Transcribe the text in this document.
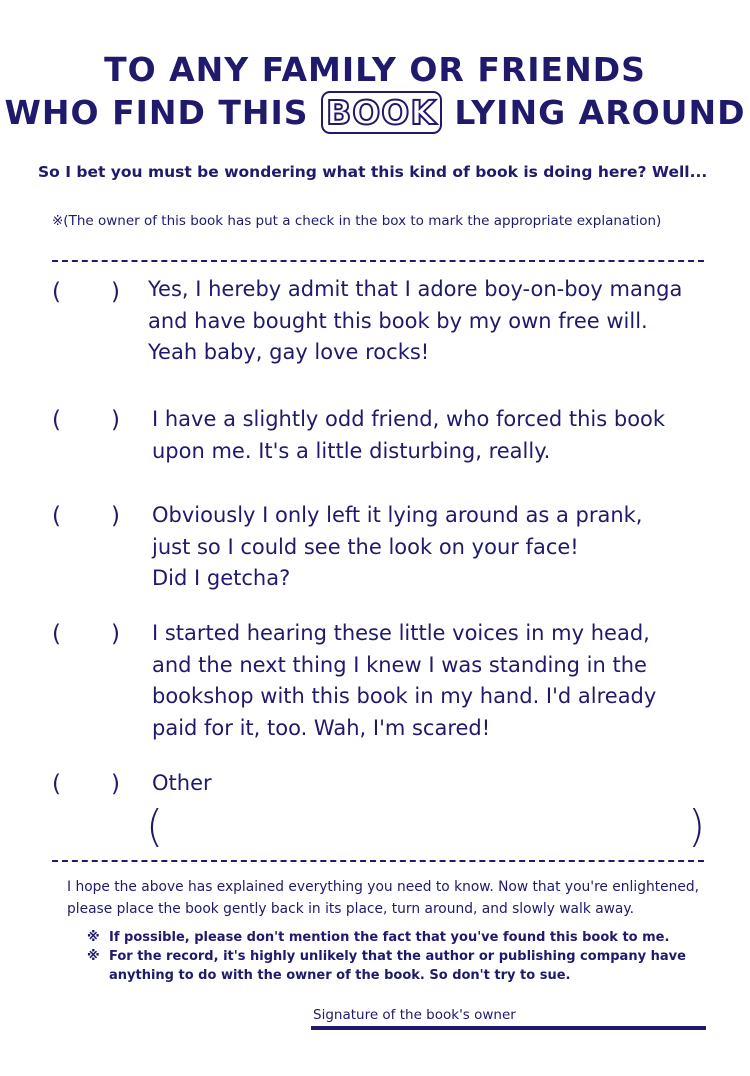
TO ANY FAMILY OR FRIENDS
WHO FIND THIS BOOK LYING AROUND
So I bet you must be wondering what this kind of book is doing here? Well...
※(The owner of this book has put a check in the box to mark the appropriate explanation)
( ) Yes, I hereby admit that I adore boy-on-boy manga
and have bought this book by my own free will.
Yeah baby, gay love rocks!
( ) I have a slightly odd friend, who forced this book
upon me. It's a little disturbing, really.
( ) Obviously I only left it lying around as a prank,
just so I could see the look on your face!
Did I getcha?
( ) I started hearing these little voices in my head,
and the next thing I knew I was standing in the
bookshop with this book in my hand. I'd already
paid for it, too. Wah, I'm scared!
( ) Other
(	)
I hope the above has explained everything you need to know. Now that you're enlightened,
please place the book gently back in its place, turn around, and slowly walk away.
※ If possible, please don't mention the fact that you've found this book to me.
※ For the record, it's highly unlikely that the author or publishing company have
anything to do with the owner of the book. So don't try to sue.
Signature of the book's owner
